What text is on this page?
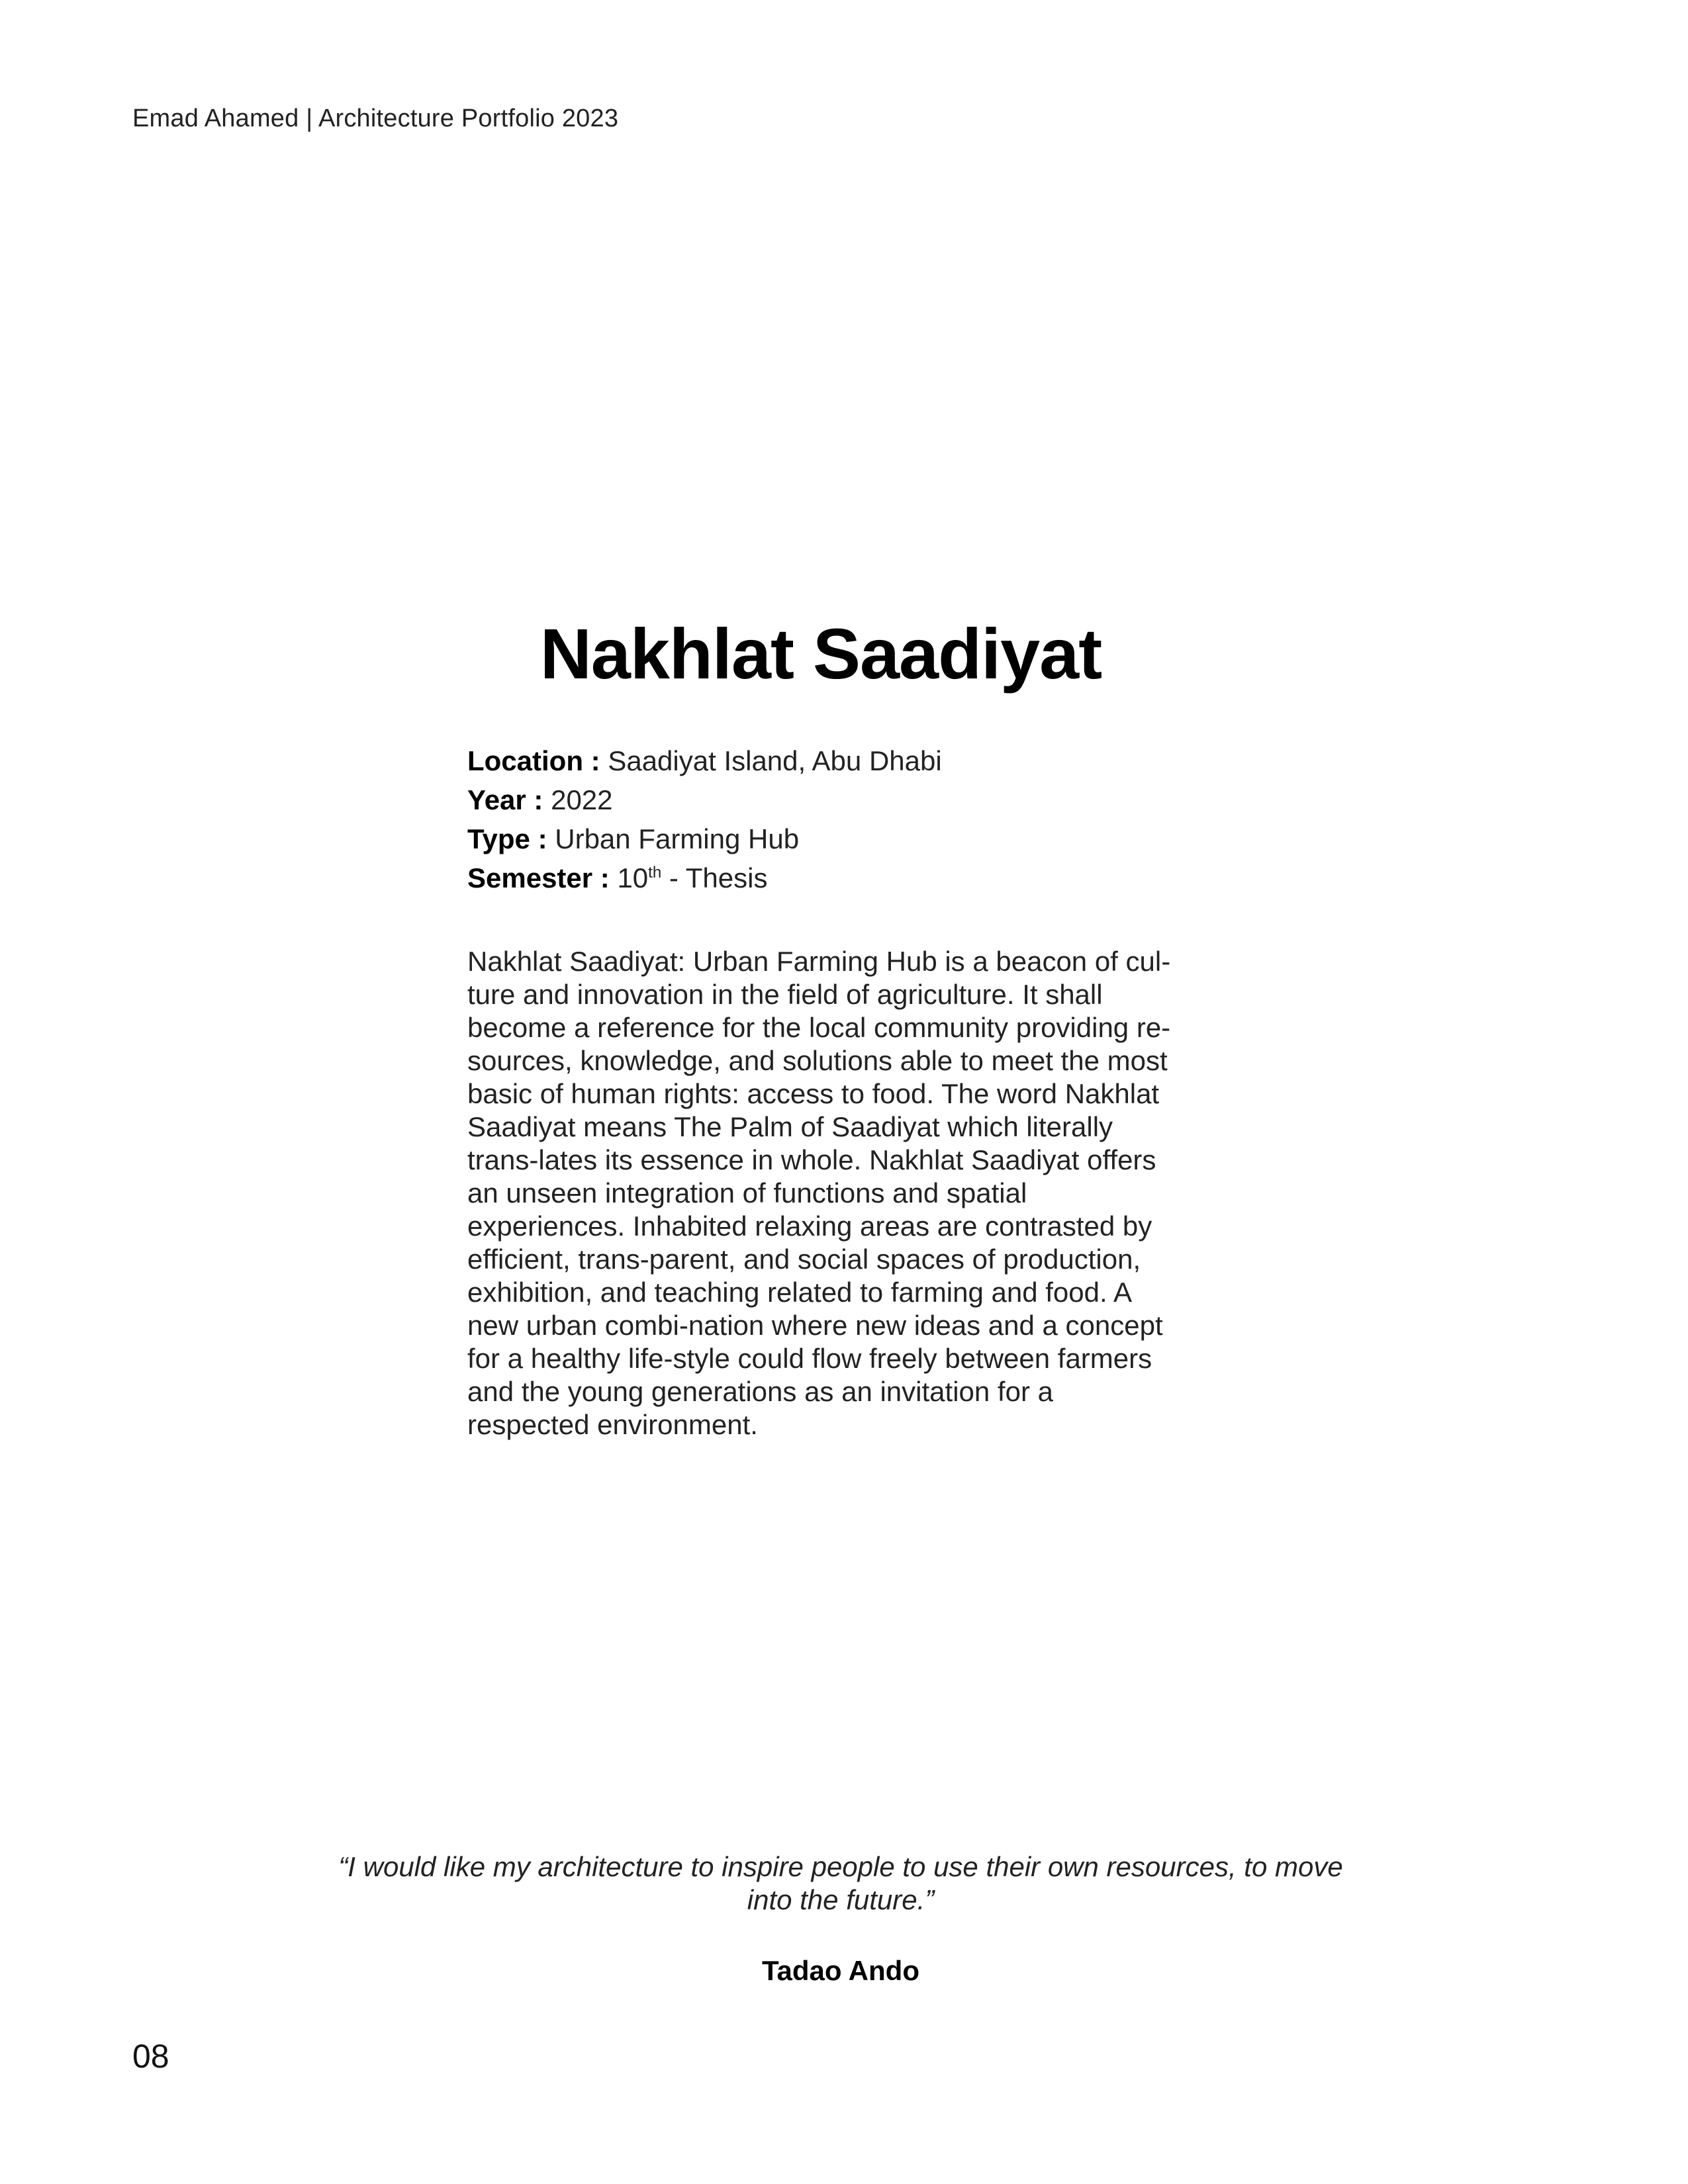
Emad Ahamed | Architecture Portfolio 2023
Nakhlat Saadiyat
Location : Saadiyat Island, Abu Dhabi
Year : 2022
Type : Urban Farming Hub
Semester : 10th - Thesis

Nakhlat Saadiyat: Urban Farming Hub is a beacon of cul-ture and innovation in the field of agriculture. It shall become a reference for the local community providing re-sources, knowledge, and solutions able to meet the most basic of human rights: access to food. The word Nakhlat Saadiyat means The Palm of Saadiyat which literally trans-lates its essence in whole. Nakhlat Saadiyat offers an unseen integration of functions and spatial experiences. Inhabited relaxing areas are contrasted by efficient, trans-parent, and social spaces of production, exhibition, and teaching related to farming and food. A new urban combi-nation where new ideas and a concept for a healthy life-style could flow freely between farmers and the young generations as an invitation for a respected environment.

“I would like my architecture to inspire people to use their own resources, to move into the future.”

Tadao Ando
08
